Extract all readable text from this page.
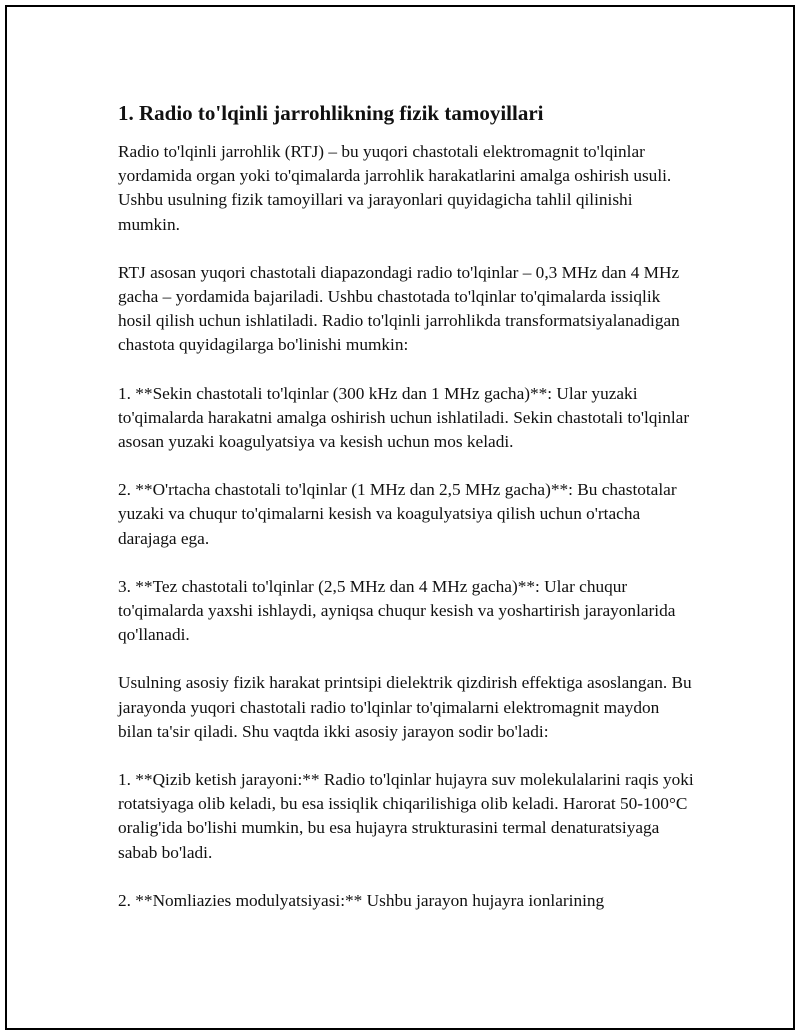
1. Radio to'lqinli jarrohlikning fizik tamoyillari

Radio to'lqinli jarrohlik (RTJ) – bu yuqori chastotali elektromagnit to'lqinlar yordamida organ yoki to'qimalarda jarrohlik harakatlarini amalga oshirish usuli. Ushbu usulning fizik tamoyillari va jarayonlari quyidagicha tahlil qilinishi mumkin.

RTJ asosan yuqori chastotali diapazondagi radio to'lqinlar – 0,3 MHz dan 4 MHz gacha – yordamida bajariladi. Ushbu chastotada to'lqinlar to'qimalarda issiqlik hosil qilish uchun ishlatiladi. Radio to'lqinli jarrohlikda transformatsiyalanadigan chastota quyidagilarga bo'linishi mumkin:

1. **Sekin chastotali to'lqinlar (300 kHz dan 1 MHz gacha)**: Ular yuzaki to'qimalarda harakatni amalga oshirish uchun ishlatiladi. Sekin chastotali to'lqinlar asosan yuzaki koagulyatsiya va kesish uchun mos keladi.

2. **O'rtacha chastotali to'lqinlar (1 MHz dan 2,5 MHz gacha)**: Bu chastotalar yuzaki va chuqur to'qimalarni kesish va koagulyatsiya qilish uchun o'rtacha darajaga ega.

3. **Tez chastotali to'lqinlar (2,5 MHz dan 4 MHz gacha)**: Ular chuqur to'qimalarda yaxshi ishlaydi, ayniqsa chuqur kesish va yoshartirish jarayonlarida qo'llanadi.

Usulning asosiy fizik harakat printsipi dielektrik qizdirish effektiga asoslangan. Bu jarayonda yuqori chastotali radio to'lqinlar to'qimalarni elektromagnit maydon bilan ta'sir qiladi. Shu vaqtda ikki asosiy jarayon sodir bo'ladi:

1. **Qizib ketish jarayoni:** Radio to'lqinlar hujayra suv molekulalarini raqis yoki rotatsiyaga olib keladi, bu esa issiqlik chiqarilishiga olib keladi. Harorat 50-100°C oralig'ida bo'lishi mumkin, bu esa hujayra strukturasini termal denaturatsiyaga sabab bo'ladi.

2. **Nomliazies modulyatsiyasi:** Ushbu jarayon hujayra ionlarining
